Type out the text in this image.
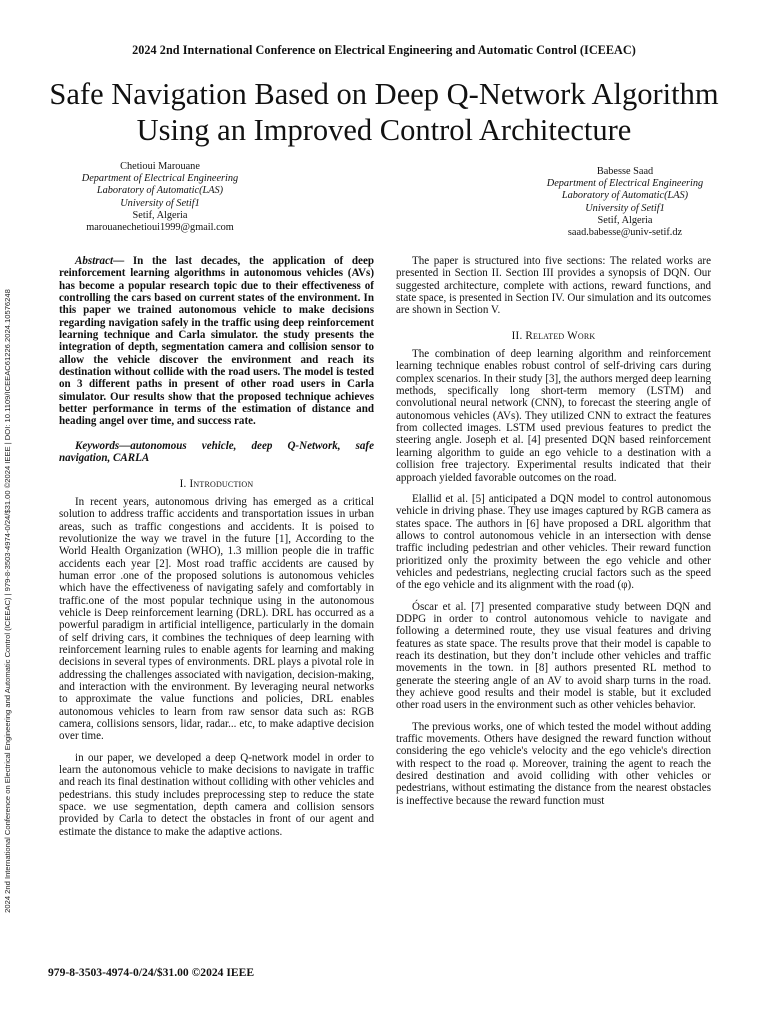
2024 2nd International Conference on Electrical Engineering and Automatic Control (ICEEAC)
Safe Navigation Based on Deep Q-Network Algorithm Using an Improved Control Architecture
2024 2nd International Conference on Electrical Engineering and Automatic Control (ICEEAC) | 979-8-3503-4974-0/24/$31.00 ©2024 IEEE | DOI: 10.1109/ICEEAC61226.2024.10576248
Chetioui Marouane
Department of Electrical Engineering
Laboratory of Automatic(LAS)
University of Setif1
Setif, Algeria
marouanechetioui1999@gmail.com
Babesse Saad
Department of Electrical Engineering
Laboratory of Automatic(LAS)
University of Setif1
Setif, Algeria
saad.babesse@univ-setif.dz

Abstract— In the last decades, the application of deep reinforcement learning algorithms in autonomous vehicles (AVs) has become a popular research topic due to their effectiveness of controlling the cars based on current states of the environment. In this paper we trained autonomous vehicle to make decisions regarding navigation safely in the traffic using deep reinforcement learning technique and Carla simulator. the study presents the integration of depth, segmentation camera and collision sensor to allow the vehicle discover the environment and reach its destination without collide with the road users. The model is tested on 3 different paths in present of other road users in Carla simulator. Our results show that the proposed technique achieves better performance in terms of the estimation of distance and heading angel over time, and success rate.

Keywords—autonomous vehicle, deep Q-Network, safe navigation, CARLA

I. Introduction

In recent years, autonomous driving has emerged as a critical solution to address traffic accidents and transportation issues in urban areas, such as traffic congestions and accidents. It is poised to revolutionize the way we travel in the future [1], According to the World Health Organization (WHO), 1.3 million people die in traffic accidents each year [2]. Most road traffic accidents are caused by human error .one of the proposed solutions is autonomous vehicles which have the effectiveness of navigating safely and comfortably in traffic.one of the most popular technique using in the autonomous vehicle is Deep reinforcement learning (DRL). DRL has occurred as a powerful paradigm in artificial intelligence, particularly in the domain of self driving cars, it combines the techniques of deep learning with reinforcement learning rules to enable agents for learning and making decisions in several types of environments. DRL plays a pivotal role in addressing the challenges associated with navigation, decision-making, and interaction with the environment. By leveraging neural networks to approximate the value functions and policies, DRL enables autonomous vehicles to learn from raw sensor data such as: RGB camera, collisions sensors, lidar, radar... etc, to make adaptive decision over time.

in our paper, we developed a deep Q-network model in order to learn the autonomous vehicle to make decisions to navigate in traffic and reach its final destination without colliding with other vehicles and pedestrians. this study includes preprocessing step to reduce the state space. we use segmentation, depth camera and collision sensors provided by Carla to detect the obstacles in front of our agent and estimate the distance to make the adaptive actions.

The paper is structured into five sections: The related works are presented in Section II. Section III provides a synopsis of DQN. Our suggested architecture, complete with actions, reward functions, and state space, is presented in Section IV. Our simulation and its outcomes are shown in Section V.

II. Related Work

The combination of deep learning algorithm and reinforcement learning technique enables robust control of self-driving cars during complex scenarios. In their study [3], the authors merged deep learning methods, specifically long short-term memory (LSTM) and convolutional neural network (CNN), to forecast the steering angle of autonomous vehicles (AVs). They utilized CNN to extract the features from collected images. LSTM used previous features to predict the steering angle. Joseph et al. [4] presented DQN based reinforcement learning algorithm to guide an ego vehicle to a destination with a collision free trajectory. Experimental results indicated that their approach yielded favorable outcomes on the road.

Elallid et al. [5] anticipated a DQN model to control autonomous vehicle in driving phase. They use images captured by RGB camera as states space. The authors in [6] have proposed a DRL algorithm that allows to control autonomous vehicle in an intersection with dense traffic including pedestrian and other vehicles. Their reward function prioritized only the proximity between the ego vehicle and other vehicles and pedestrians, neglecting crucial factors such as the speed of the ego vehicle and its alignment with the road (φ).

Óscar et al. [7] presented comparative study between DQN and DDPG in order to control autonomous vehicle to navigate and following a determined route, they use visual features and driving features as state space. The results prove that their model is capable to reach its destination, but they don’t include other vehicles and traffic movements in the town. in [8] authors presented RL method to generate the steering angle of an AV to avoid sharp turns in the road. they achieve good results and their model is stable, but it excluded other road users in the environment such as other vehicles behavior.

The previous works, one of which tested the model without adding traffic movements. Others have designed the reward function without considering the ego vehicle's velocity and the ego vehicle's direction with respect to the road φ. Moreover, training the agent to reach the desired destination and avoid colliding with other vehicles or pedestrians, without estimating the distance from the nearest obstacles is ineffective because the reward function must

979-8-3503-4974-0/24/$31.00 ©2024 IEEE
